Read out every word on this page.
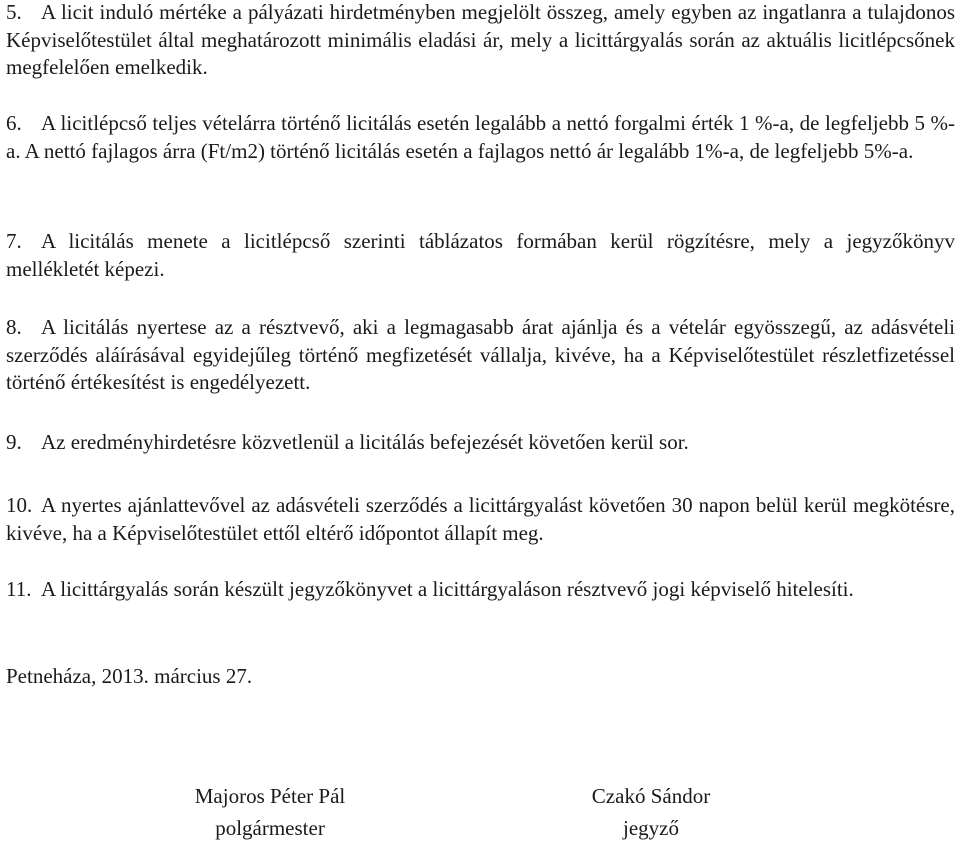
5. A licit induló mértéke a pályázati hirdetményben megjelölt összeg, amely egyben az ingatlanra a tulajdonos Képviselőtestület által meghatározott minimális eladási ár, mely a licittárgyalás során az aktuális licitlépcsőnek megfelelően emelkedik.

6. A licitlépcső teljes vételárra történő licitálás esetén legalább a nettó forgalmi érték 1 %-a, de legfeljebb 5 %-a. A nettó fajlagos árra (Ft/m2) történő licitálás esetén a fajlagos nettó ár legalább 1%-a, de legfeljebb 5%-a.

7. A licitálás menete a licitlépcső szerinti táblázatos formában kerül rögzítésre, mely a jegyzőkönyv mellékletét képezi.

8. A licitálás nyertese az a résztvevő, aki a legmagasabb árat ajánlja és a vételár egyösszegű, az adásvételi szerződés aláírásával egyidejűleg történő megfizetését vállalja, kivéve, ha a Képviselőtestület részletfizetéssel történő értékesítést is engedélyezett.

9. Az eredményhirdetésre közvetlenül a licitálás befejezését követően kerül sor.

10. A nyertes ajánlattevővel az adásvételi szerződés a licittárgyalást követően 30 napon belül kerül megkötésre, kivéve, ha a Képviselőtestület ettől eltérő időpontot állapít meg.

11. A licittárgyalás során készült jegyzőkönyvet a licittárgyaláson résztvevő jogi képviselő hitelesíti.

Petneháza, 2013. március 27.

Majoros Péter Pál
polgármester
Czakó Sándor
jegyző
